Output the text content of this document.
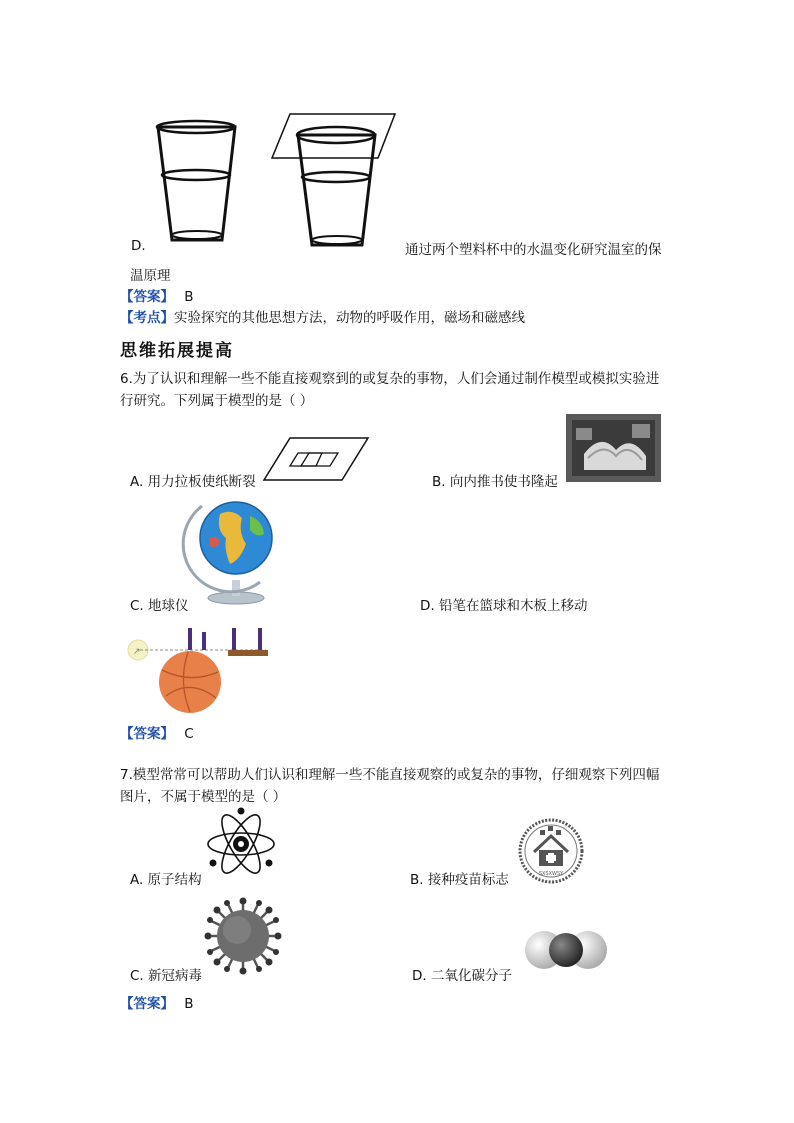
D.	通过两个塑料杯中的水温变化研究温室的保
温原理
【答案】 B
【考点】实验探究的其他思想方法，动物的呼吸作用，磁场和磁感线
思维拓展提高
6.为了认识和理解一些不能直接观察到的或复杂的事物，人们会通过制作模型或模拟实验进
行研究。下列属于模型的是（ ）
A. 用力拉板使纸断裂	B. 向内推书使书隆起
C. 地球仪	D. 铅笔在篮球和木板上移动
↗
【答案】 C
7.模型常常可以帮助人们认识和理解一些不能直接观察的或复杂的事物，仔细观察下列四幅
图片，不属于模型的是（ ）
A. 原子结构	SXSXWSY
B. 接种疫苗标志
C. 新冠病毒	D. 二氧化碳分子
【答案】 B
